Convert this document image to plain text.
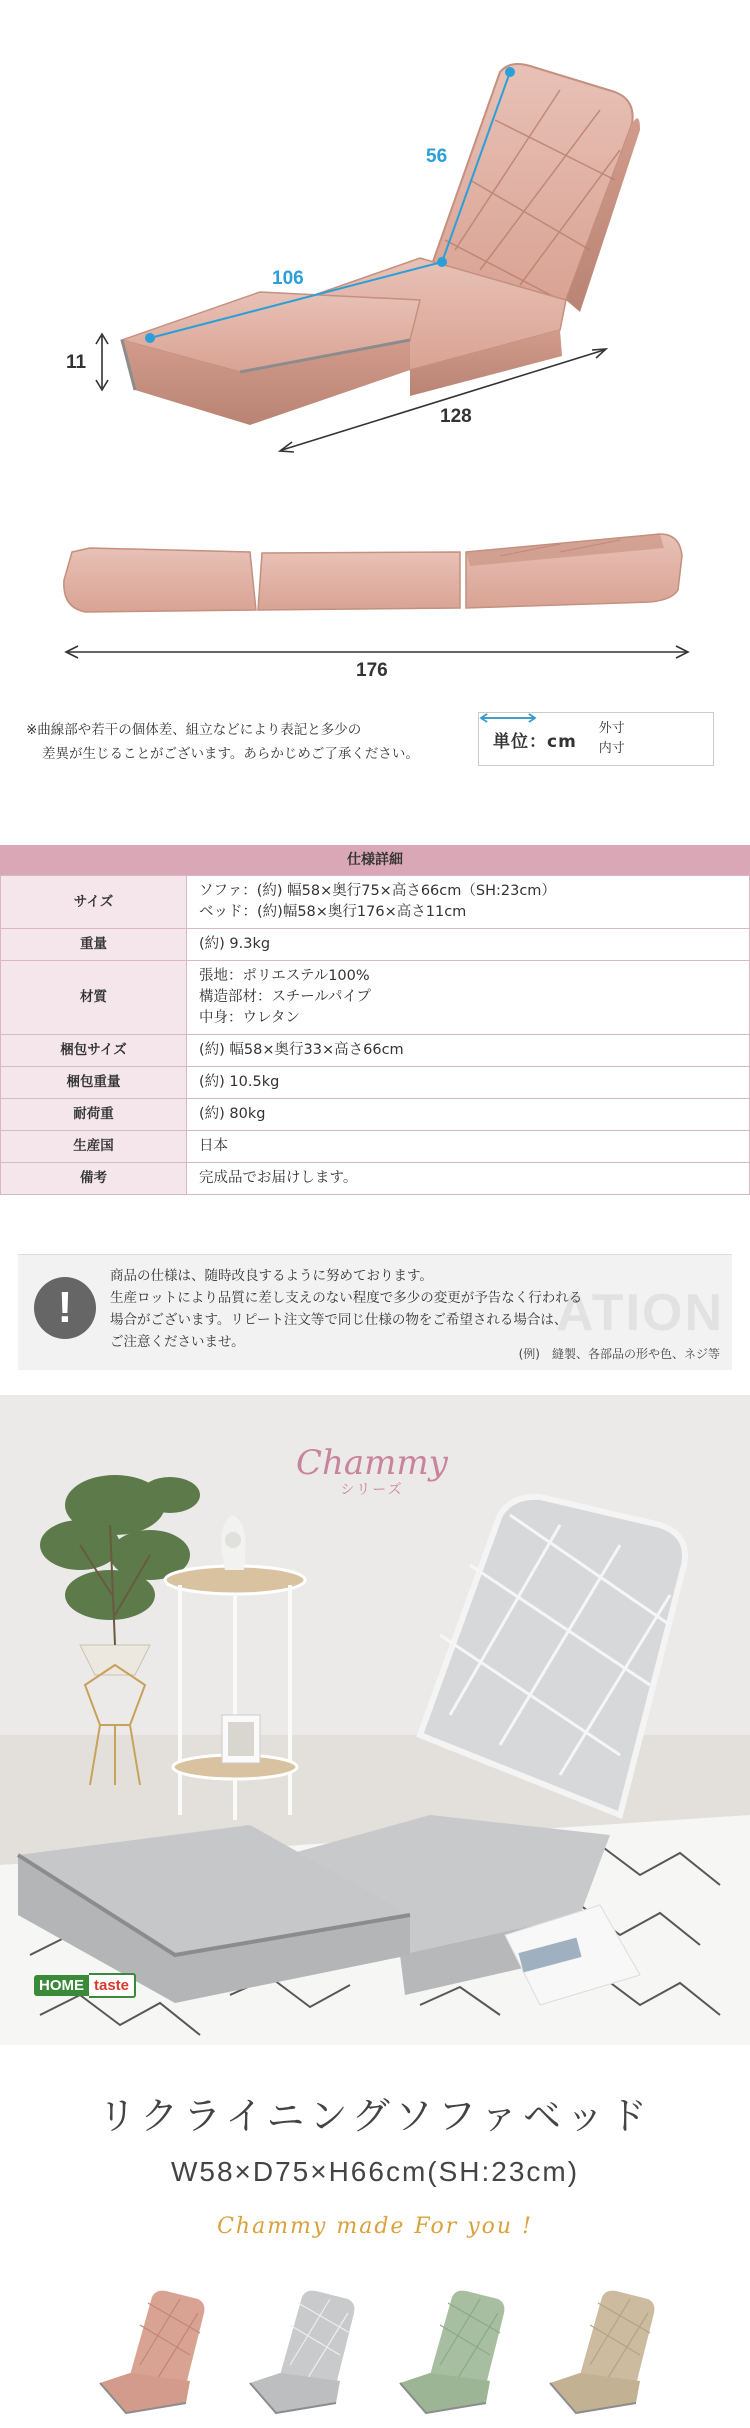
106
56
11
128
176
※曲線部や若干の個体差、組立などにより表記と多少の
差異が生じることがございます。あらかじめご了承ください。
単位：cm
外寸
内寸
仕様詳細
サイズ	ソファ：(約) 幅58×奥行75×高さ66cm（SH:23cm）
ベッド：(約)幅58×奥行176×高さ11cm

重量	(約) 9.3kg

材質	張地：ポリエステル100%
構造部材：スチールパイプ
中身：ウレタン

梱包サイズ	(約) 幅58×奥行33×高さ66cm

梱包重量	(約) 10.5kg

耐荷重	(約) 80kg

生産国	日本

備考	完成品でお届けします。
ATION
!
商品の仕様は、随時改良するように努めております。
生産ロットにより品質に差し支えのない程度で多少の変更が予告なく行われる
場合がございます。リピート注文等で同じ仕様の物をご希望される場合は、
ご注意くださいませ。
(例)　縫製、各部品の形や色、ネジ等
Chammy
シリーズ
HOME taste
リクライニングソファベッド
W58×D75×H66cm(SH:23cm)
Chammy made For you !
